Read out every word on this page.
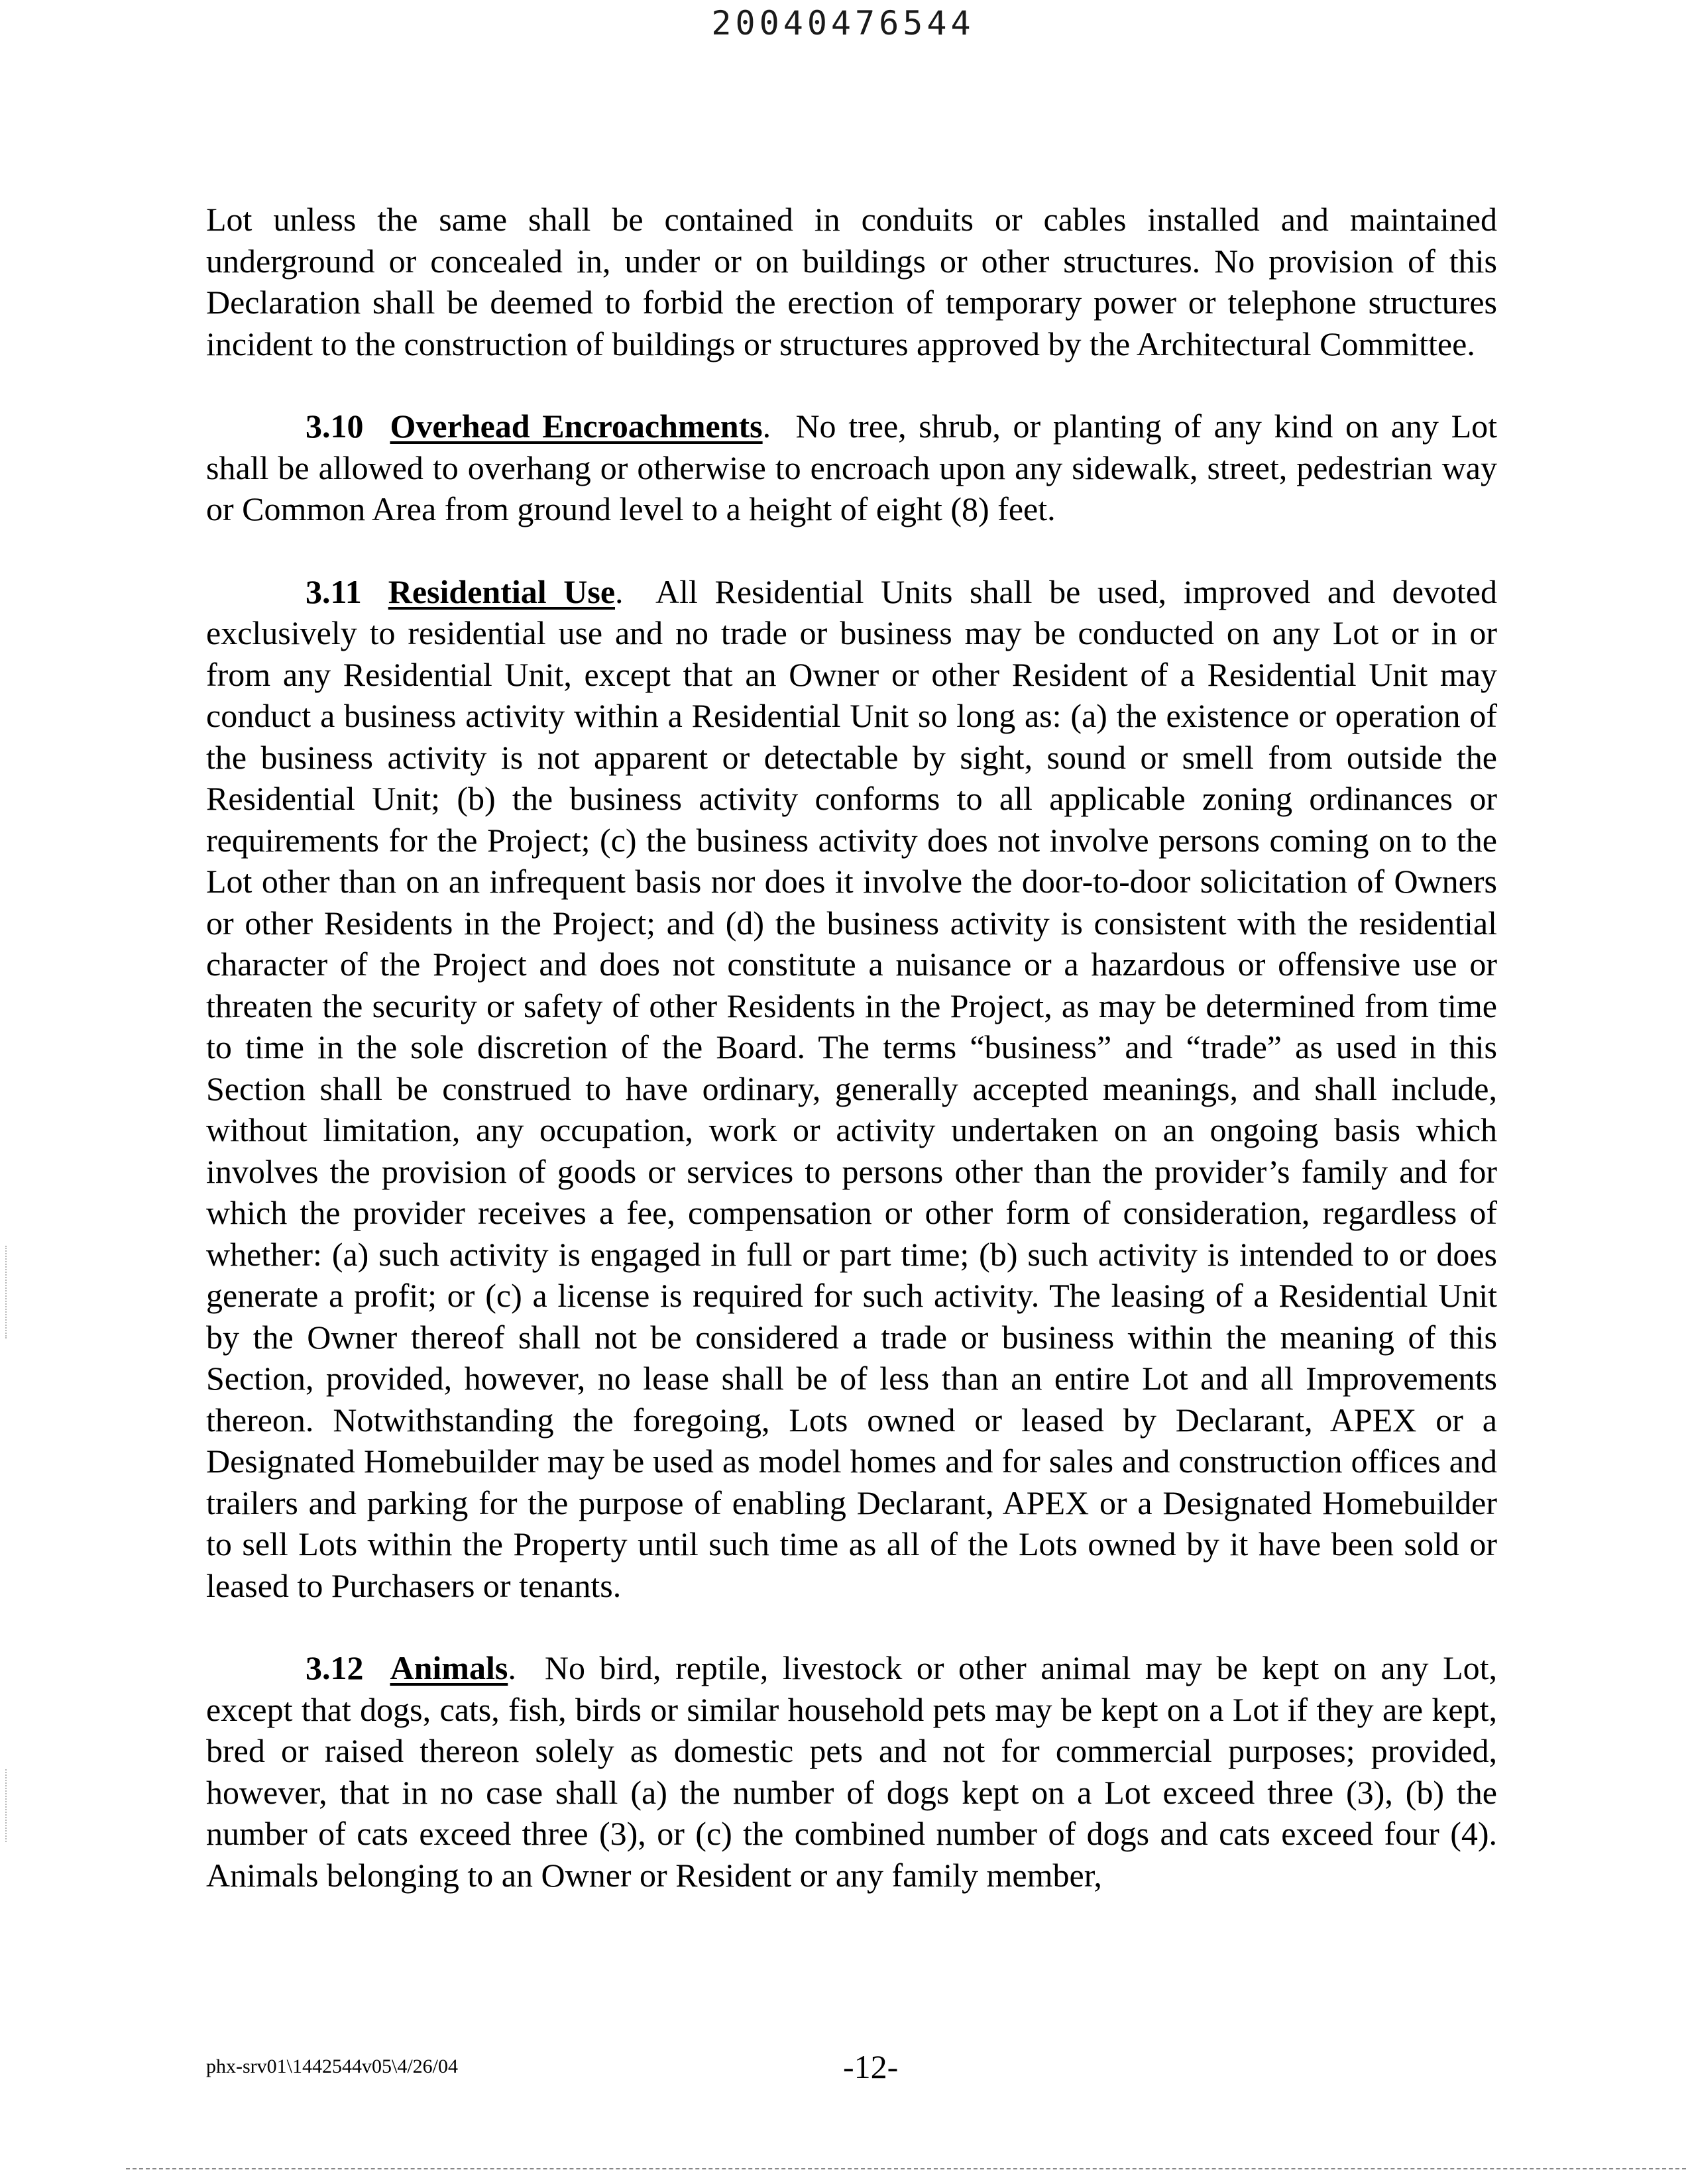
20040476544

Lot unless the same shall be contained in conduits or cables installed and maintained underground or concealed in, under or on buildings or other structures. No provision of this Declaration shall be deemed to forbid the erection of temporary power or telephone structures incident to the construction of buildings or structures approved by the Architectural Committee.

3.10 Overhead Encroachments. No tree, shrub, or planting of any kind on any Lot shall be allowed to overhang or otherwise to encroach upon any sidewalk, street, pedestrian way or Common Area from ground level to a height of eight (8) feet.

3.11 Residential Use. All Residential Units shall be used, improved and devoted exclusively to residential use and no trade or business may be conducted on any Lot or in or from any Residential Unit, except that an Owner or other Resident of a Residential Unit may conduct a business activity within a Residential Unit so long as: (a) the existence or operation of the business activity is not apparent or detectable by sight, sound or smell from outside the Residential Unit; (b) the business activity conforms to all applicable zoning ordinances or requirements for the Project; (c) the business activity does not involve persons coming on to the Lot other than on an infrequent basis nor does it involve the door-to-door solicitation of Owners or other Residents in the Project; and (d) the business activity is consistent with the residential character of the Project and does not constitute a nuisance or a hazardous or offensive use or threaten the security or safety of other Residents in the Project, as may be determined from time to time in the sole discretion of the Board. The terms “business” and “trade” as used in this Section shall be construed to have ordinary, generally accepted meanings, and shall include, without limitation, any occupation, work or activity undertaken on an ongoing basis which involves the provision of goods or services to persons other than the provider’s family and for which the provider receives a fee, compensation or other form of consideration, regardless of whether: (a) such activity is engaged in full or part time; (b) such activity is intended to or does generate a profit; or (c) a license is required for such activity. The leasing of a Residential Unit by the Owner thereof shall not be considered a trade or business within the meaning of this Section, provided, however, no lease shall be of less than an entire Lot and all Improvements thereon. Notwithstanding the foregoing, Lots owned or leased by Declarant, APEX or a Designated Homebuilder may be used as model homes and for sales and construction offices and trailers and parking for the purpose of enabling Declarant, APEX or a Designated Homebuilder to sell Lots within the Property until such time as all of the Lots owned by it have been sold or leased to Purchasers or tenants.

3.12 Animals. No bird, reptile, livestock or other animal may be kept on any Lot, except that dogs, cats, fish, birds or similar household pets may be kept on a Lot if they are kept, bred or raised thereon solely as domestic pets and not for commercial purposes; provided, however, that in no case shall (a) the number of dogs kept on a Lot exceed three (3), (b) the number of cats exceed three (3), or (c) the combined number of dogs and cats exceed four (4). Animals belonging to an Owner or Resident or any family member,

phx-srv01\1442544v05\4/26/04	-12-
